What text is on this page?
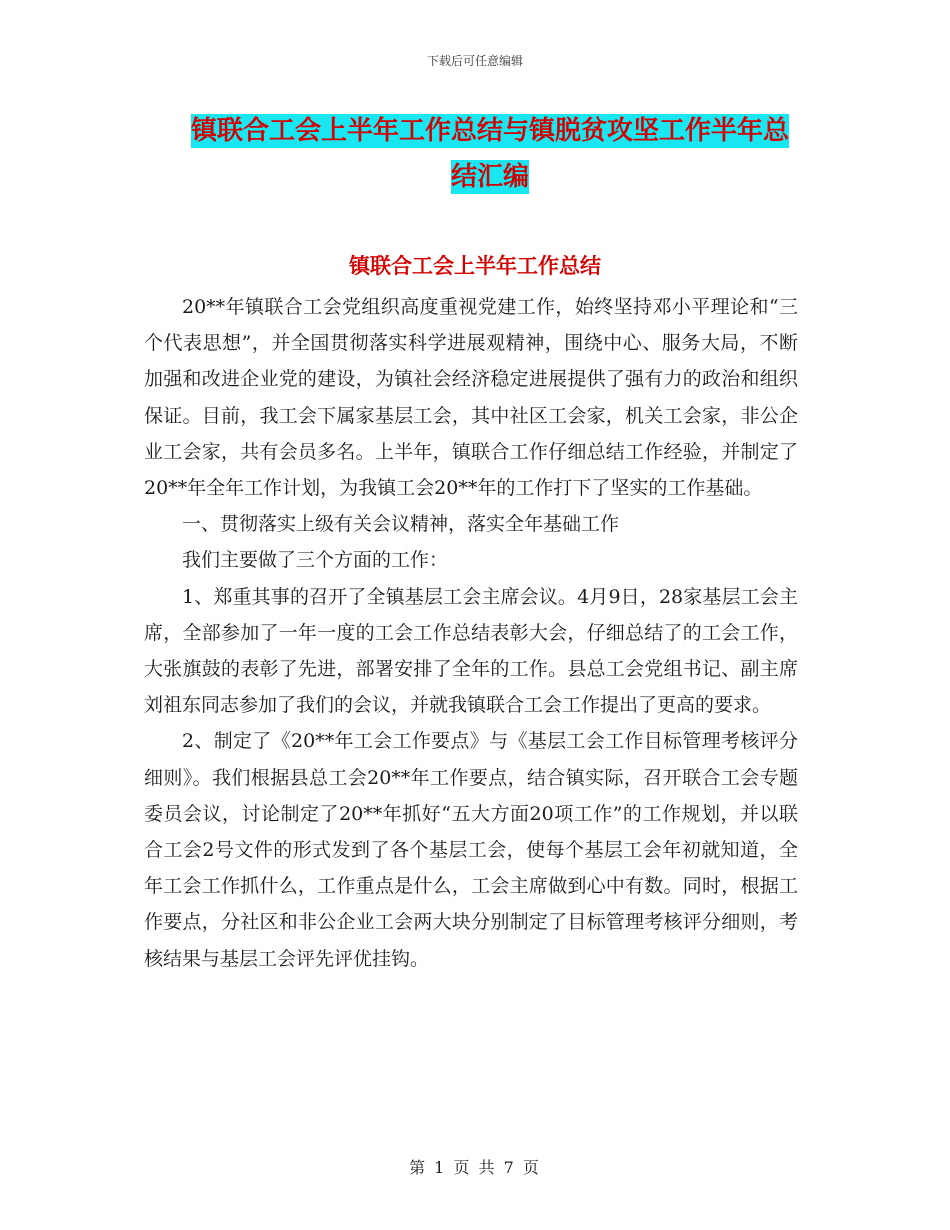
下载后可任意编辑
镇联合工会上半年工作总结与镇脱贫攻坚工作半年总
结汇编
镇联合工会上半年工作总结

20**年镇联合工会党组织高度重视党建工作，始终坚持邓小平理论和“三个代表思想”，并全国贯彻落实科学进展观精神，围绕中心、服务大局，不断加强和改进企业党的建设，为镇社会经济稳定进展提供了强有力的政治和组织保证。目前，我工会下属家基层工会，其中社区工会家，机关工会家，非公企业工会家，共有会员多名。上半年，镇联合工作仔细总结工作经验，并制定了20**年全年工作计划，为我镇工会20**年的工作打下了坚实的工作基础。

一、贯彻落实上级有关会议精神，落实全年基础工作

我们主要做了三个方面的工作：

1、郑重其事的召开了全镇基层工会主席会议。4月9日，28家基层工会主席，全部参加了一年一度的工会工作总结表彰大会，仔细总结了的工会工作，大张旗鼓的表彰了先进，部署安排了全年的工作。县总工会党组书记、副主席刘祖东同志参加了我们的会议，并就我镇联合工会工作提出了更高的要求。

2、制定了《20**年工会工作要点》与《基层工会工作目标管理考核评分细则》。我们根据县总工会20**年工作要点，结合镇实际，召开联合工会专题委员会议，讨论制定了20**年抓好“五大方面20项工作”的工作规划，并以联合工会2号文件的形式发到了各个基层工会，使每个基层工会年初就知道，全年工会工作抓什么，工作重点是什么，工会主席做到心中有数。同时，根据工作要点，分社区和非公企业工会两大块分别制定了目标管理考核评分细则，考核结果与基层工会评先评优挂钩。

第 1 页 共 7 页
